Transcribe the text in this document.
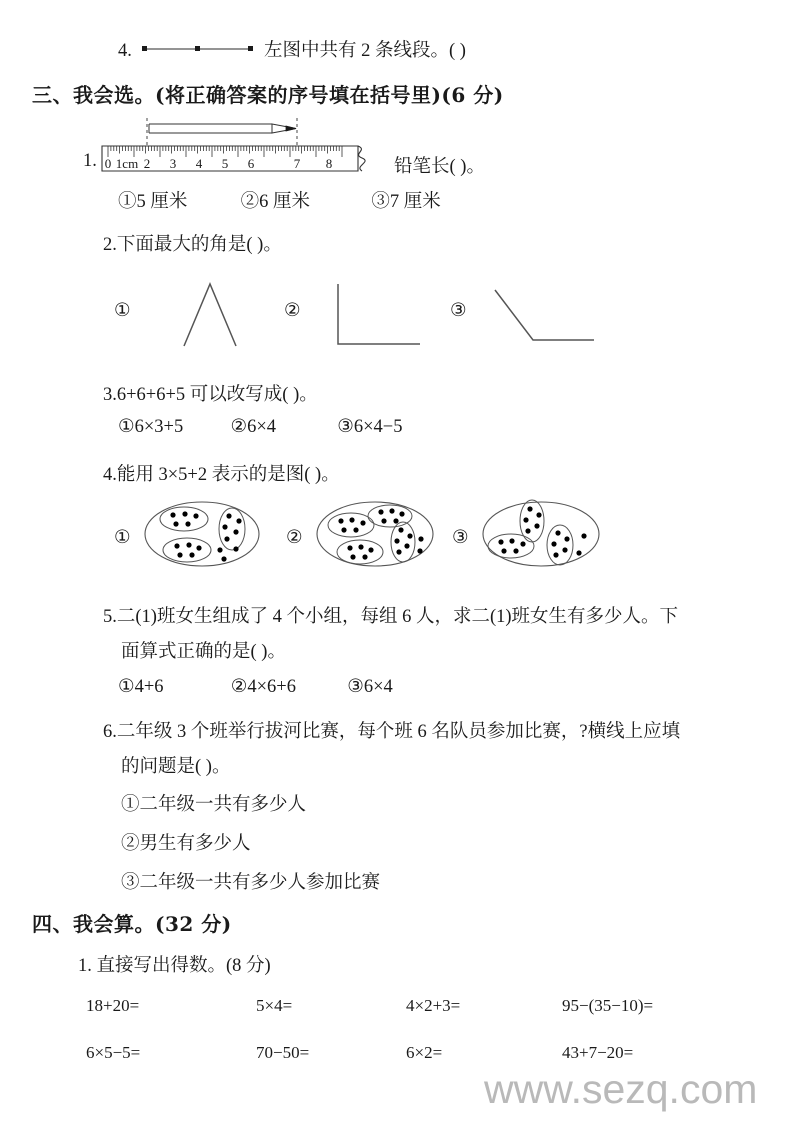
4.	左图中共有 2 条线段。( )
三、我会选。(将正确答案的序号填在括号里)(6 分)
1. 0 1cm 2 3 4 5 6	7 8	铅笔长( )。
①5 厘米	②6 厘米	③7 厘米
2.下面最大的角是( )。
①	②	③
3.6+6+6+5 可以改写成( )。
①6×3+5	②6×4	③6×4−5
4.能用 3×5+2 表示的是图( )。
①	②	③
5.二(1)班女生组成了 4 个小组，每组 6 人，求二(1)班女生有多少人。下
面算式正确的是( )。
①4+6	②4×6+6	③6×4
6.二年级 3 个班举行拔河比赛，每个班 6 名队员参加比赛，?横线上应填
的问题是( )。
①二年级一共有多少人
②男生有多少人
③二年级一共有多少人参加比赛
四、我会算。(32 分)
1. 直接写出得数。(8 分)
18+20=	5×4=	4×2+3=	95−(35−10)=
6×5−5=	70−50=	6×2=	43+7−20=
www.sezq.com
